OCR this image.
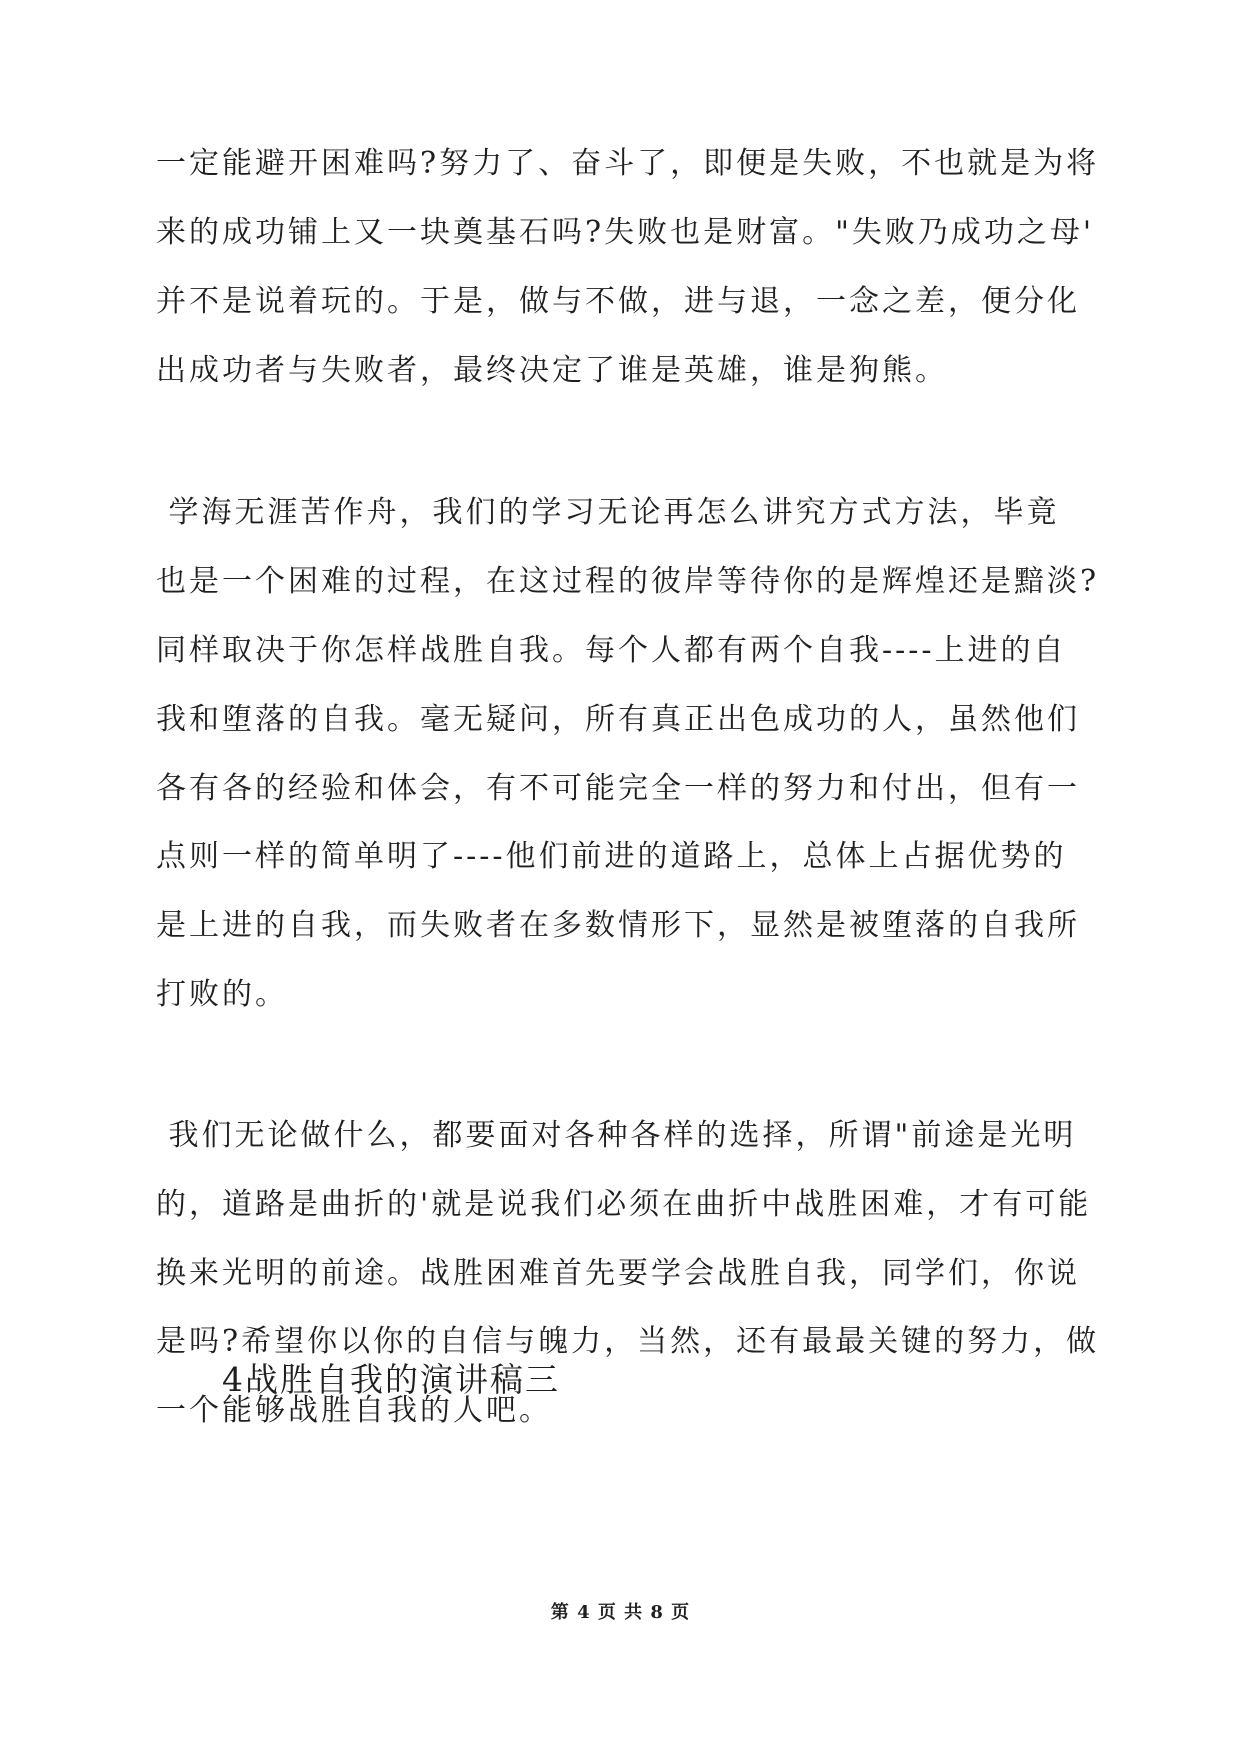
一定能避开困难吗?努力了、奋斗了，即便是失败，不也就是为将
来的成功铺上又一块奠基石吗?失败也是财富。"失败乃成功之母'
并不是说着玩的。于是，做与不做，进与退，一念之差，便分化
出成功者与失败者，最终决定了谁是英雄，谁是狗熊。
学海无涯苦作舟，我们的学习无论再怎么讲究方式方法，毕竟
也是一个困难的过程，在这过程的彼岸等待你的是辉煌还是黯淡?
同样取决于你怎样战胜自我。每个人都有两个自我----上进的自
我和堕落的自我。毫无疑问，所有真正出色成功的人，虽然他们
各有各的经验和体会，有不可能完全一样的努力和付出，但有一
点则一样的简单明了----他们前进的道路上，总体上占据优势的
是上进的自我，而失败者在多数情形下，显然是被堕落的自我所
打败的。
我们无论做什么，都要面对各种各样的选择，所谓"前途是光明
的，道路是曲折的'就是说我们必须在曲折中战胜困难，才有可能
换来光明的前途。战胜困难首先要学会战胜自我，同学们，你说
是吗?希望你以你的自信与魄力，当然，还有最最关键的努力，做
一个能够战胜自我的人吧。
4战胜自我的演讲稿三
第 4 页 共 8 页
